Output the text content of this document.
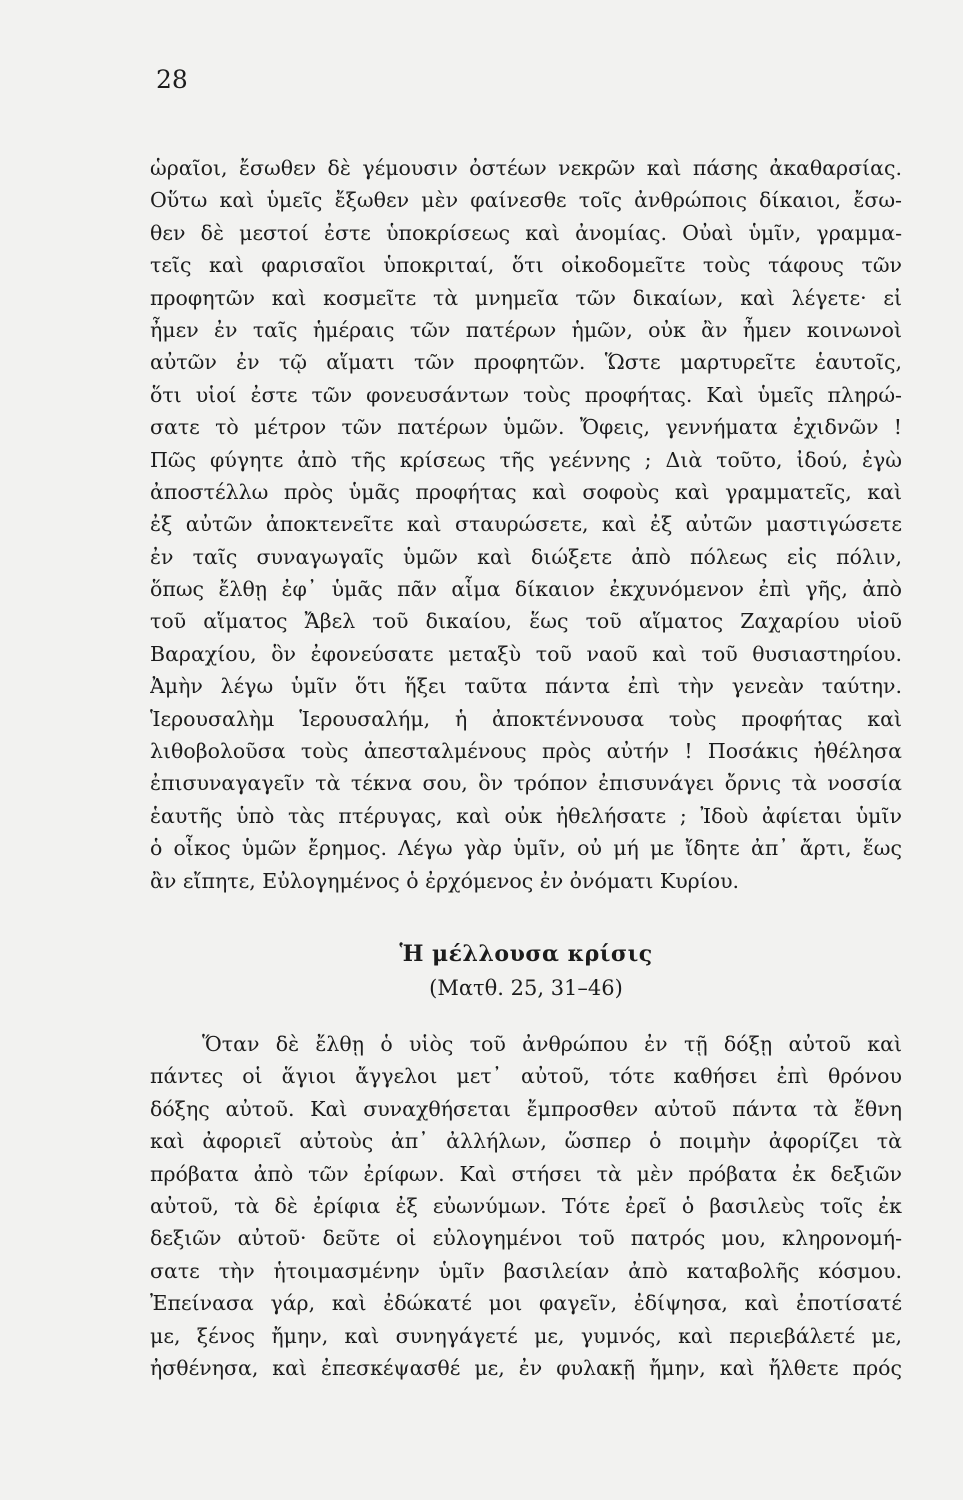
28
ὡραῖοι, ἔσωθεν δὲ γέμουσιν ὀστέων νεκρῶν καὶ πάσης ἀκαθαρσίας.
Οὕτω καὶ ὑμεῖς ἔξωθεν μὲν φαίνεσθε τοῖς ἀνθρώποις δίκαιοι, ἔσω-
θεν δὲ μεστοί ἐστε ὑποκρίσεως καὶ ἀνομίας. Οὐαὶ ὑμῖν, γραμμα-
τεῖς καὶ φαρισαῖοι ὑποκριταί, ὅτι οἰκοδομεῖτε τοὺς τάφους τῶν
προφητῶν καὶ κοσμεῖτε τὰ μνημεῖα τῶν δικαίων, καὶ λέγετε· εἰ
ἦμεν ἐν ταῖς ἡμέραις τῶν πατέρων ἡμῶν, οὐκ ἂν ἦμεν κοινωνοὶ
αὐτῶν ἐν τῷ αἵματι τῶν προφητῶν. Ὥστε μαρτυρεῖτε ἑαυτοῖς,
ὅτι υἱοί ἐστε τῶν φονευσάντων τοὺς προφήτας. Καὶ ὑμεῖς πληρώ-
σατε τὸ μέτρον τῶν πατέρων ὑμῶν. Ὄφεις, γεννήματα ἐχιδνῶν !
Πῶς φύγητε ἀπὸ τῆς κρίσεως τῆς γεέννης ; Διὰ τοῦτο, ἰδού, ἐγὼ
ἀποστέλλω πρὸς ὑμᾶς προφήτας καὶ σοφοὺς καὶ γραμματεῖς, καὶ
ἐξ αὐτῶν ἀποκτενεῖτε καὶ σταυρώσετε, καὶ ἐξ αὐτῶν μαστιγώσετε
ἐν ταῖς συναγωγαῖς ὑμῶν καὶ διώξετε ἀπὸ πόλεως εἰς πόλιν,
ὅπως ἔλθῃ ἐφ᾽ ὑμᾶς πᾶν αἷμα δίκαιον ἐκχυνόμενον ἐπὶ γῆς, ἀπὸ
τοῦ αἵματος Ἄβελ τοῦ δικαίου, ἕως τοῦ αἵματος Ζαχαρίου υἱοῦ
Βαραχίου, ὃν ἐφονεύσατε μεταξὺ τοῦ ναοῦ καὶ τοῦ θυσιαστηρίου.
Ἀμὴν λέγω ὑμῖν ὅτι ἥξει ταῦτα πάντα ἐπὶ τὴν γενεὰν ταύτην.
Ἱερουσαλὴμ Ἱερουσαλήμ, ἡ ἀποκτέννουσα τοὺς προφήτας καὶ
λιθοβολοῦσα τοὺς ἀπεσταλμένους πρὸς αὐτήν ! Ποσάκις ἠθέλησα
ἐπισυναγαγεῖν τὰ τέκνα σου, ὃν τρόπον ἐπισυνάγει ὄρνις τὰ νοσσία
ἑαυτῆς ὑπὸ τὰς πτέρυγας, καὶ οὐκ ἠθελήσατε ; Ἰδοὺ ἀφίεται ὑμῖν
ὁ οἶκος ὑμῶν ἔρημος. Λέγω γὰρ ὑμῖν, οὐ μή με ἴδητε ἀπ᾽ ἄρτι, ἕως
ἂν εἴπητε, Εὐλογημένος ὁ ἐρχόμενος ἐν ὀνόματι Κυρίου.
Ἡ μέλλουσα κρίσις
(Ματθ. 25, 31–46)
Ὅταν δὲ ἔλθῃ ὁ υἱὸς τοῦ ἀνθρώπου ἐν τῇ δόξῃ αὐτοῦ καὶ
πάντες οἱ ἅγιοι ἄγγελοι μετ᾽ αὐτοῦ, τότε καθήσει ἐπὶ θρόνου
δόξης αὐτοῦ. Καὶ συναχθήσεται ἔμπροσθεν αὐτοῦ πάντα τὰ ἔθνη
καὶ ἀφοριεῖ αὐτοὺς ἀπ᾽ ἀλλήλων, ὥσπερ ὁ ποιμὴν ἀφορίζει τὰ
πρόβατα ἀπὸ τῶν ἐρίφων. Καὶ στήσει τὰ μὲν πρόβατα ἐκ δεξιῶν
αὐτοῦ, τὰ δὲ ἐρίφια ἐξ εὐωνύμων. Τότε ἐρεῖ ὁ βασιλεὺς τοῖς ἐκ
δεξιῶν αὐτοῦ· δεῦτε οἱ εὐλογημένοι τοῦ πατρός μου, κληρονομή-
σατε τὴν ἡτοιμασμένην ὑμῖν βασιλείαν ἀπὸ καταβολῆς κόσμου.
Ἐπείνασα γάρ, καὶ ἐδώκατέ μοι φαγεῖν, ἐδίψησα, καὶ ἐποτίσατέ
με, ξένος ἤμην, καὶ συνηγάγετέ με, γυμνός, καὶ περιεβάλετέ με,
ἠσθένησα, καὶ ἐπεσκέψασθέ με, ἐν φυλακῇ ἤμην, καὶ ἤλθετε πρός
